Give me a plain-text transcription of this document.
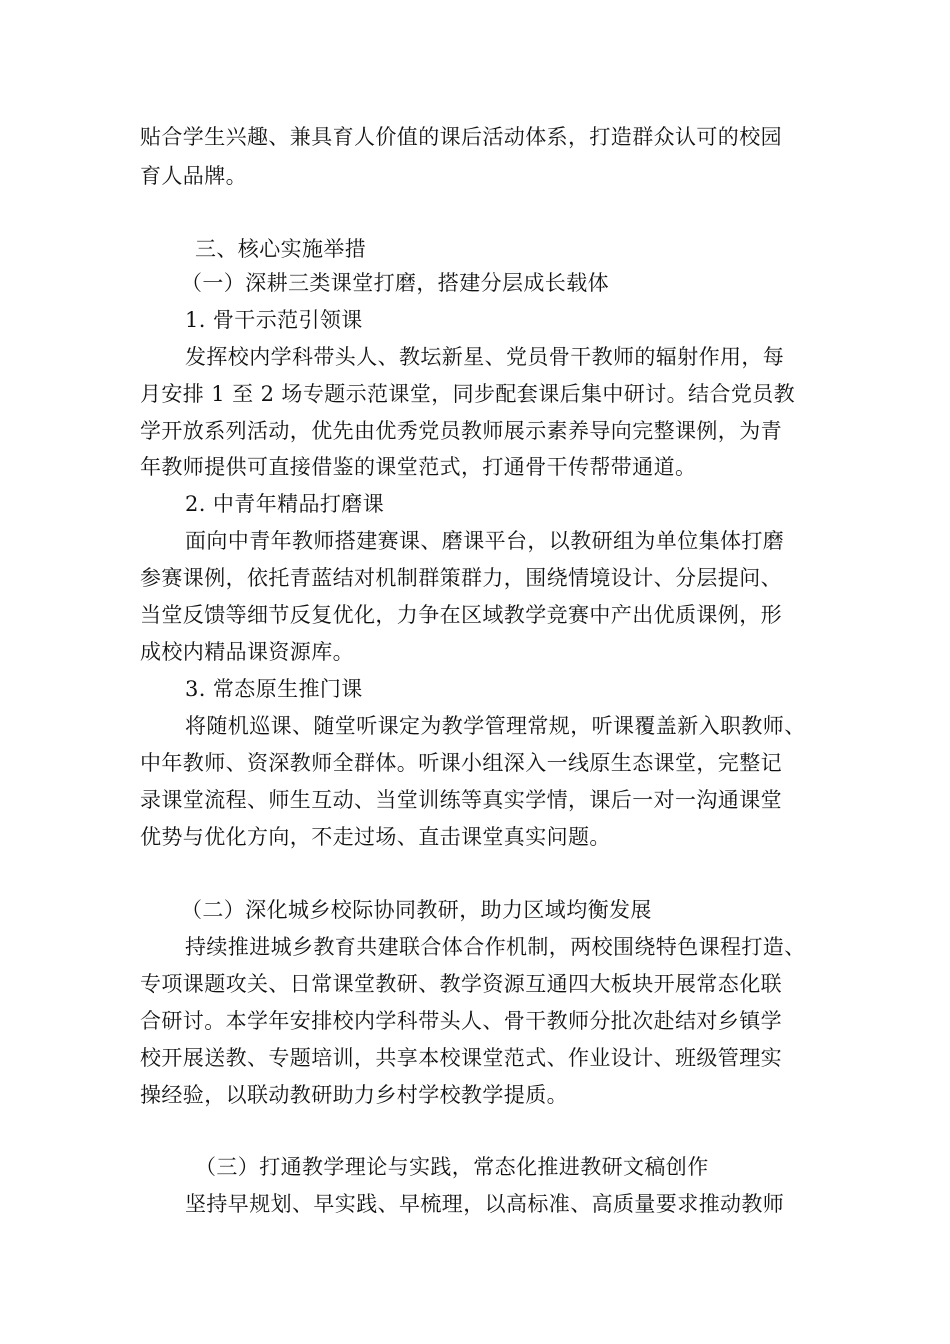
贴合学生兴趣、兼具育人价值的课后活动体系，打造群众认可的校园
育人品牌。
三、核心实施举措
（一）深耕三类课堂打磨，搭建分层成长载体
1. 骨干示范引领课
发挥校内学科带头人、教坛新星、党员骨干教师的辐射作用，每
月安排 1 至 2 场专题示范课堂，同步配套课后集中研讨。结合党员教
学开放系列活动，优先由优秀党员教师展示素养导向完整课例，为青
年教师提供可直接借鉴的课堂范式，打通骨干传帮带通道。
2. 中青年精品打磨课
面向中青年教师搭建赛课、磨课平台，以教研组为单位集体打磨
参赛课例，依托青蓝结对机制群策群力，围绕情境设计、分层提问、
当堂反馈等细节反复优化，力争在区域教学竞赛中产出优质课例，形
成校内精品课资源库。
3. 常态原生推门课
将随机巡课、随堂听课定为教学管理常规，听课覆盖新入职教师、
中年教师、资深教师全群体。听课小组深入一线原生态课堂，完整记
录课堂流程、师生互动、当堂训练等真实学情，课后一对一沟通课堂
优势与优化方向，不走过场、直击课堂真实问题。
（二）深化城乡校际协同教研，助力区域均衡发展
持续推进城乡教育共建联合体合作机制，两校围绕特色课程打造、
专项课题攻关、日常课堂教研、教学资源互通四大板块开展常态化联
合研讨。本学年安排校内学科带头人、骨干教师分批次赴结对乡镇学
校开展送教、专题培训，共享本校课堂范式、作业设计、班级管理实
操经验，以联动教研助力乡村学校教学提质。
（三）打通教学理论与实践，常态化推进教研文稿创作
坚持早规划、早实践、早梳理，以高标准、高质量要求推动教师
